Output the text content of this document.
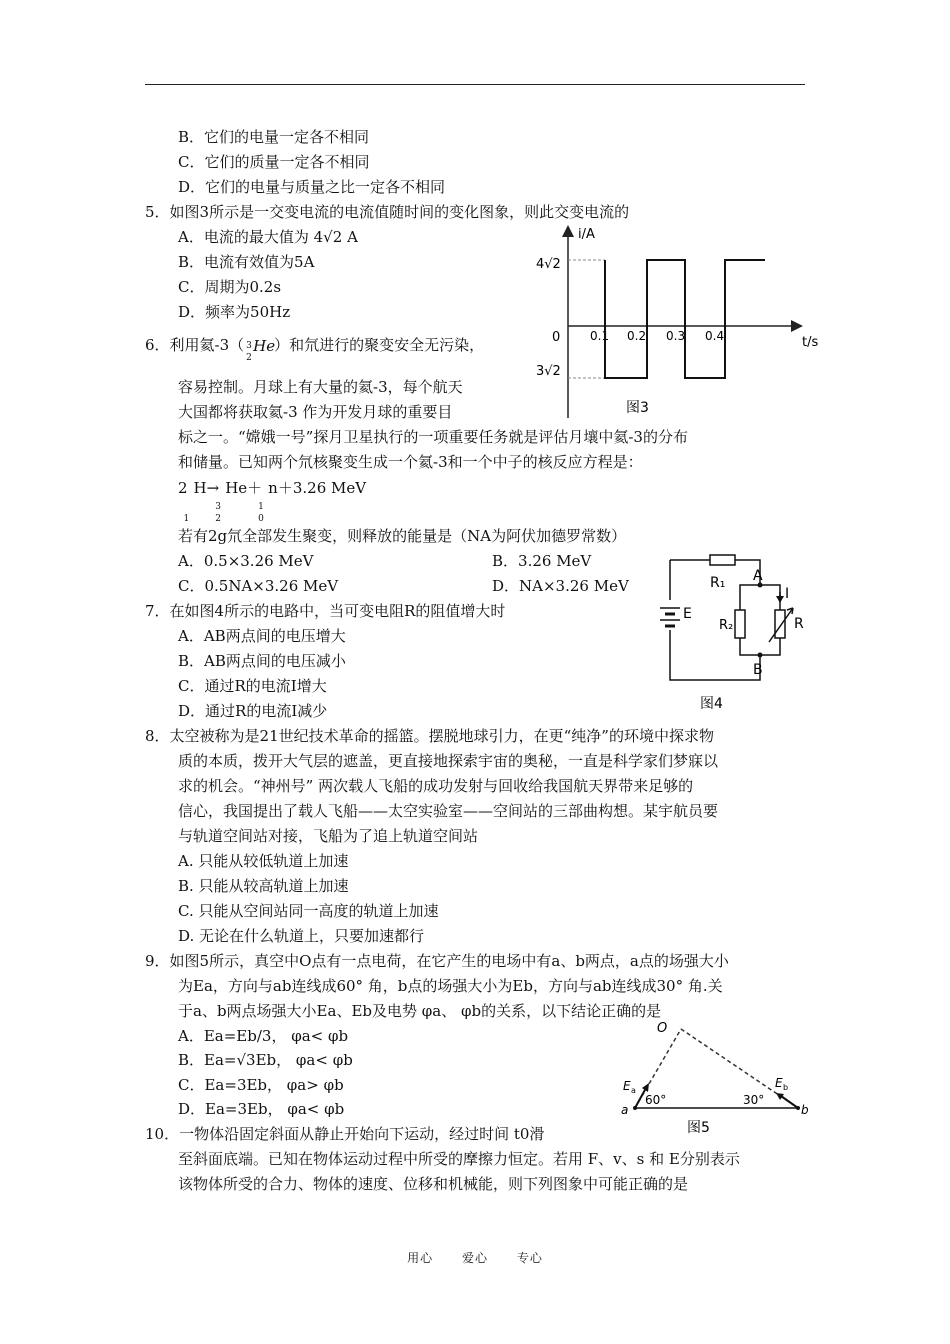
B．它们的电量一定各不相同
C．它们的质量一定各不相同
D．它们的电量与质量之比一定各不相同
5．如图3所示是一交变电流的电流值随时间的变化图象，则此交变电流的
A．电流的最大值为 4√2 A
B．电流有效值为5A
C．周期为0.2s
D．频率为50Hz
6．利用氦-3（ 3
2
He ）和氘进行的聚变安全无污染，
容易控制。月球上有大量的氦-3，每个航天
大国都将获取氦-3 作为开发月球的重要目
标之一。“嫦娥一号”探月卫星执行的一项重要任务就是评估月壤中氦-3的分布
和储量。已知两个氘核聚变生成一个氦-3和一个中子的核反应方程是：
2
1
H→
3
2
He＋
1
0
n＋3.26 MeV
若有2g氘全部发生聚变，则释放的能量是（NA为阿伏加德罗常数）
A．0.5×3.26 MeV	B．3.26 MeV
C．0.5NA×3.26 MeV	D．NA×3.26 MeV
7．在如图4所示的电路中，当可变电阻R的阻值增大时
A．AB两点间的电压增大
B．AB两点间的电压减小
C．通过R的电流I增大
D．通过R的电流I减少
8．太空被称为是21世纪技术革命的摇篮。摆脱地球引力，在更“纯净”的环境中探求物
质的本质，拨开大气层的遮盖，更直接地探索宇宙的奥秘，一直是科学家们梦寐以
求的机会。“神州号” 两次载人飞船的成功发射与回收给我国航天界带来足够的
信心，我国提出了载人飞船——太空实验室——空间站的三部曲构想。某宇航员要
与轨道空间站对接，飞船为了追上轨道空间站
A. 只能从较低轨道上加速
B. 只能从较高轨道上加速
C. 只能从空间站同一高度的轨道上加速
D. 无论在什么轨道上，只要加速都行
9．如图5所示，真空中O点有一点电荷，在它产生的电场中有a、b两点，a点的场强大小
为Ea，方向与ab连线成60° 角，b点的场强大小为Eb，方向与ab连线成30° 角.关
于a、b两点场强大小Ea、Eb及电势 φa、 φb的关系，以下结论正确的是
A．Ea=Eb/3， φa< φb
B．Ea=√3Eb， φa< φb
C．Ea=3Eb， φa> φb
D．Ea=3Eb， φa< φb
10．一物体沿固定斜面从静止开始向下运动，经过时间 t0滑
至斜面底端。已知在物体运动过程中所受的摩擦力恒定。若用 F、v、s 和 E分别表示
该物体所受的合力、物体的速度、位移和机械能，则下列图象中可能正确的是
i/A
t/s
4√2
3√2
0 0.1 0.2 0.3 0.4
图3
E
R₁ A
I
R₂	R
B
图4
O
a	b
E a
E b
60°	30°
图5
用心 爱心 专心
